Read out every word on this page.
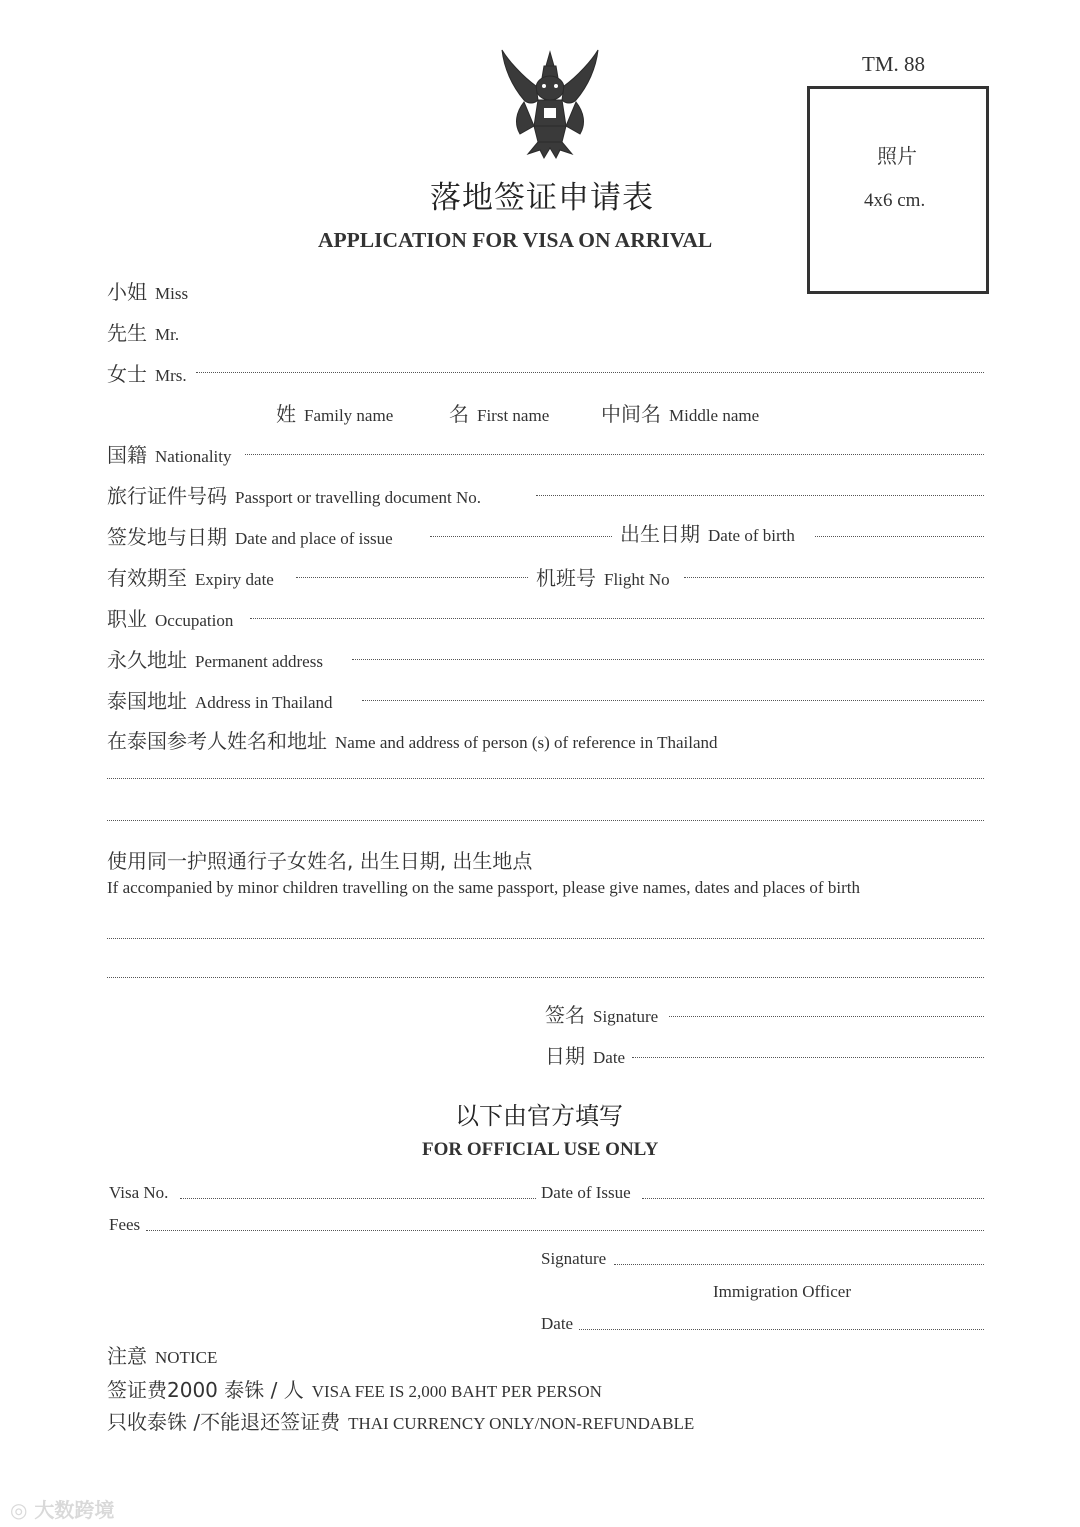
TM. 88
照片
4x6 cm.
落地签证申请表
APPLICATION FOR VISA ON ARRIVAL
小姐 Miss
先生 Mr.
女士 Mrs.
姓 Family name	名 First name	中间名 Middle name
国籍 Nationality
旅行证件号码 Passport or travelling document No.
签发地与日期 Date and place of issue	出生日期 Date of birth
有效期至 Expiry date	机班号 Flight No
职业 Occupation
永久地址 Permanent address
泰国地址 Address in Thailand
在泰国参考人姓名和地址 Name and address of person (s) of reference in Thailand
使用同一护照通行子女姓名, 出生日期, 出生地点
If accompanied by minor children travelling on the same passport, please give names, dates and places of birth
签名 Signature
日期 Date
以下由官方填写
FOR OFFICIAL USE ONLY
Visa No.	Date of Issue
Fees
Signature
Immigration Officer
Date
注意 NOTICE
签证费2000 泰铢 / 人 VISA FEE IS 2,000 BAHT PER PERSON
只收泰铢 /不能退还签证费 THAI CURRENCY ONLY/NON-REFUNDABLE
◎ 大数跨境
